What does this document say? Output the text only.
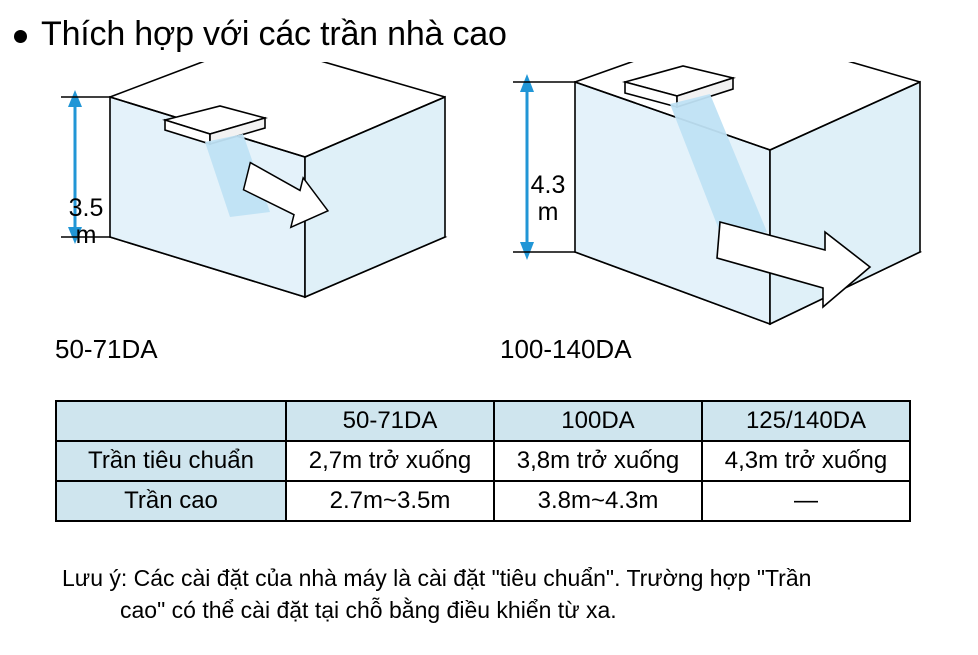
Thích hợp với các trần nhà cao
3.5
m
4.3
m
50-71DA	100-140DA
	50-71DA	100DA	125/140DA
Trần tiêu chuẩn	2,7m trở xuống	3,8m trở xuống	4,3m trở xuống
Trần cao	2.7m~3.5m	3.8m~4.3m	—
Lưu ý: Các cài đặt của nhà máy là cài đặt "tiêu chuẩn". Trường hợp "Trần
cao" có thể cài đặt tại chỗ bằng điều khiển từ xa.
